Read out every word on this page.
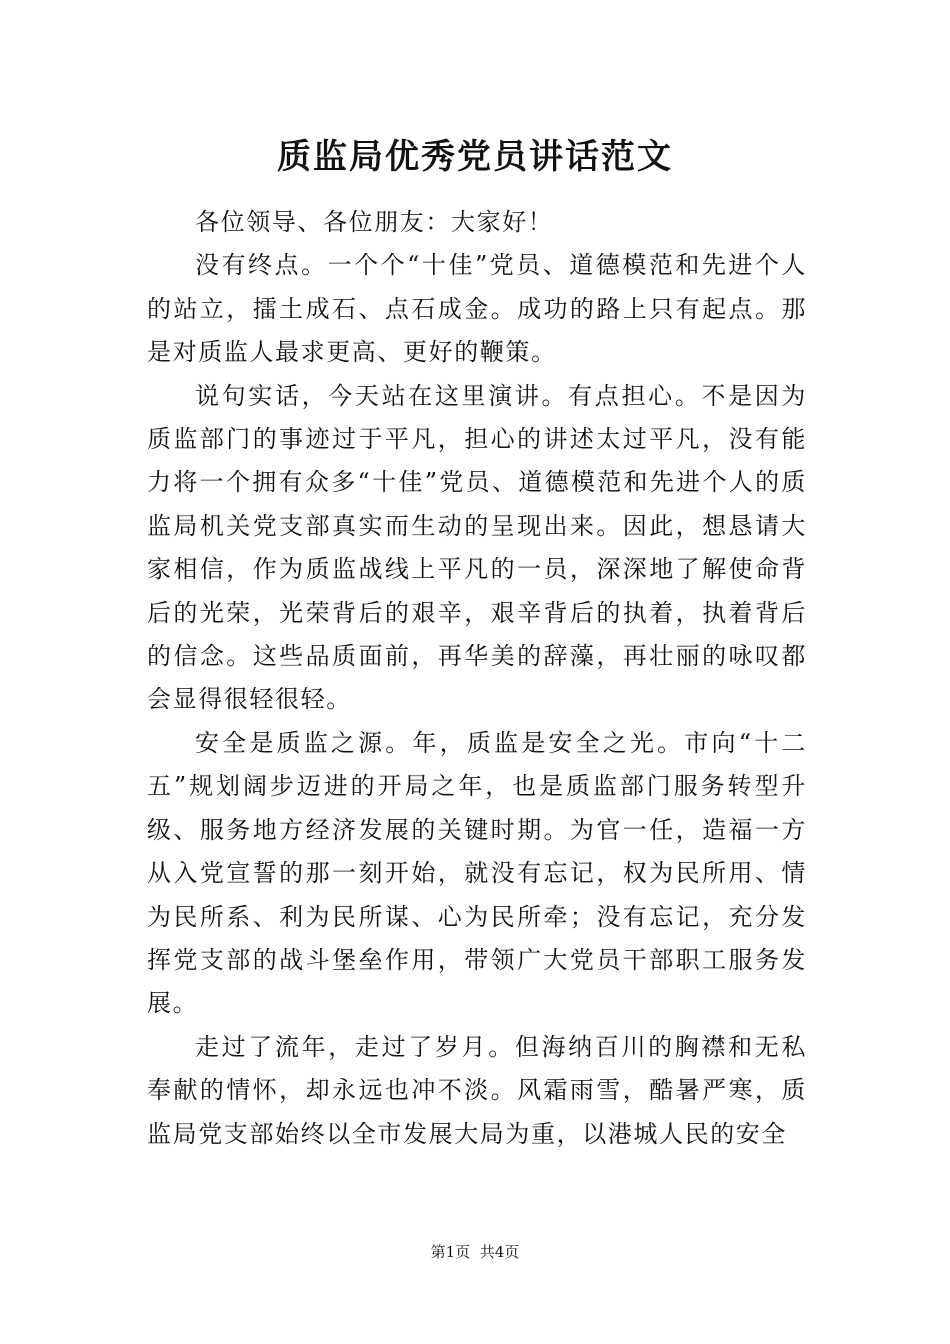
质监局优秀党员讲话范文

各位领导、各位朋友：大家好！

没有终点。一个个“十佳”党员、道德模范和先进个人的站立，擂土成石、点石成金。成功的路上只有起点。那是对质监人最求更高、更好的鞭策。

说句实话，今天站在这里演讲。有点担心。不是因为质监部门的事迹过于平凡，担心的讲述太过平凡，没有能力将一个拥有众多“十佳”党员、道德模范和先进个人的质监局机关党支部真实而生动的呈现出来。因此，想恳请大家相信，作为质监战线上平凡的一员，深深地了解使命背后的光荣，光荣背后的艰辛，艰辛背后的执着，执着背后的信念。这些品质面前，再华美的辞藻，再壮丽的咏叹都会显得很轻很轻。

安全是质监之源。年，质监是安全之光。市向“十二五”规划阔步迈进的开局之年，也是质监部门服务转型升级、服务地方经济发展的关键时期。为官一任，造福一方从入党宣誓的那一刻开始，就没有忘记，权为民所用、情为民所系、利为民所谋、心为民所牵；没有忘记，充分发挥党支部的战斗堡垒作用，带领广大党员干部职工服务发展。

走过了流年，走过了岁月。但海纳百川的胸襟和无私奉献的情怀，却永远也冲不淡。风霜雨雪，酷暑严寒，质监局党支部始终以全市发展大局为重，以港城人民的安全

第1页 共4页
